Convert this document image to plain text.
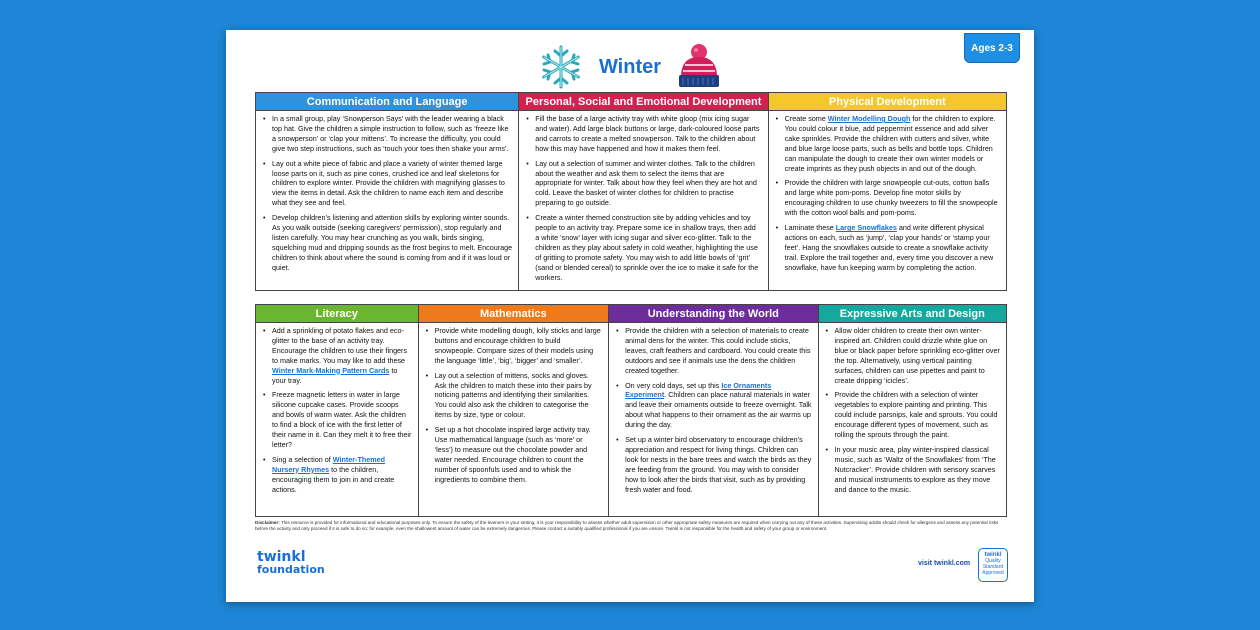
Ages 2-3
Winter
Communication and Language
• In a small group, play ‘Snowperson Says’ with the leader wearing a black top hat. Give the children a simple instruction to follow, such as ‘freeze like a snowperson’ or ‘clap your mittens’. To increase the difficulty, you could give two step instructions, such as ‘touch your toes then shake your arms’.
• Lay out a white piece of fabric and place a variety of winter themed large loose parts on it, such as pine cones, crushed ice and leaf skeletons for children to explore winter. Provide the children with magnifying glasses to view the items in detail. Ask the children to name each item and describe what they see and feel.
• Develop children’s listening and attention skills by exploring winter sounds. As you walk outside (seeking caregivers’ permission), stop regularly and listen carefully. You may hear crunching as you walk, birds singing, squelching mud and dripping sounds as the frost begins to melt. Encourage children to think about where the sound is coming from and if it was loud or quiet.
Personal, Social and Emotional Development
• Fill the base of a large activity tray with white gloop (mix icing sugar and water). Add large black buttons or large, dark-coloured loose parts and carrots to create a melted snowperson. Talk to the children about how this may have happened and how it makes them feel.
• Lay out a selection of summer and winter clothes. Talk to the children about the weather and ask them to select the items that are appropriate for winter. Talk about how they feel when they are hot and cold. Leave the basket of winter clothes for children to practise preparing to go outside.
• Create a winter themed construction site by adding vehicles and toy people to an activity tray. Prepare some ice in shallow trays, then add a white ‘snow’ layer with icing sugar and silver eco-glitter. Talk to the children as they play about safety in cold weather, highlighting the use of gritting to promote safety. You may wish to add little bowls of ‘grit’ (sand or blended cereal) to sprinkle over the ice to make it safe for the workers.
Physical Development
• Create some Winter Modelling Dough for the children to explore. You could colour it blue, add peppermint essence and add silver cake sprinkles. Provide the children with cutters and silver, white and blue large loose parts, such as bells and bottle tops. Children can manipulate the dough to create their own winter models or create imprints as they push objects in and out of the dough.
• Provide the children with large snowpeople cut-outs, cotton balls and large white pom-poms. Develop fine motor skills by encouraging children to use chunky tweezers to fill the snowpeople with the cotton wool balls and pom-poms.
• Laminate these Large Snowflakes and write different physical actions on each, such as ‘jump’, ‘clap your hands’ or ‘stamp your feet’. Hang the snowflakes outside to create a snowflake activity trail. Explore the trail together and, every time you discover a new snowflake, have fun keeping warm by completing the action.
Literacy
• Add a sprinkling of potato flakes and eco-glitter to the base of an activity tray. Encourage the children to use their fingers to make marks. You may like to add these Winter Mark-Making Pattern Cards to your tray.
• Freeze magnetic letters in water in large silicone cupcake cases. Provide scoops and bowls of warm water. Ask the children to find a block of ice with the first letter of their name in it. Can they melt it to free their letter?
• Sing a selection of Winter-Themed Nursery Rhymes to the children, encouraging them to join in and create actions.
Mathematics
• Provide white modelling dough, lolly sticks and large buttons and encourage children to build snowpeople. Compare sizes of their models using the language ‘little’, ‘big’, ‘bigger’ and ‘smaller’.
• Lay out a selection of mittens, socks and gloves. Ask the children to match these into their pairs by noticing patterns and identifying their similarities. You could also ask the children to categorise the items by size, type or colour.
• Set up a hot chocolate inspired large activity tray. Use mathematical language (such as ‘more’ or ‘less’) to measure out the chocolate powder and water needed. Encourage children to count the number of spoonfuls used and to whisk the ingredients to combine them.
Understanding the World
• Provide the children with a selection of materials to create animal dens for the winter. This could include sticks, leaves, craft feathers and cardboard. You could create this outdoors and see if animals use the dens the children created together.
• On very cold days, set up this Ice Ornaments Experiment. Children can place natural materials in water and leave their ornaments outside to freeze overnight. Talk about what happens to their ornament as the air warms up during the day.
• Set up a winter bird observatory to encourage children’s appreciation and respect for living things. Children can look for nests in the bare trees and watch the birds as they are feeding from the ground. You may wish to consider how to look after the birds that visit, such as by providing fresh water and food.
Expressive Arts and Design
• Allow older children to create their own winter-inspired art. Children could drizzle white glue on blue or black paper before sprinkling eco-glitter over the top. Alternatively, using vertical painting surfaces, children can use pipettes and paint to create dripping ‘icicles’.
• Provide the children with a selection of winter vegetables to explore painting and printing. This could include parsnips, kale and sprouts. You could encourage different types of movement, such as rolling the sprouts through the paint.
• In your music area, play winter-inspired classical music, such as ‘Waltz of the Snowflakes’ from ‘The Nutcracker’. Provide children with sensory scarves and musical instruments to explore as they move and dance to the music.
Disclaimer: This resource is provided for informational and educational purposes only. To ensure the safety of the learners in your setting, it is your responsibility to assess whether adult supervision or other appropriate safety measures are required when carrying out any of these activities. Supervising adults should check for allergens and assess any potential risks before the activity and only proceed if it is safe to do so; for example, even the shallowest amount of water can be extremely dangerous. Please contact a suitably qualified professional if you are unsure. Twinkl is not responsible for the health and safety of your group or environment.
twinkl
foundation	visit twinkl.com
twinkl
Quality Standard Approved
